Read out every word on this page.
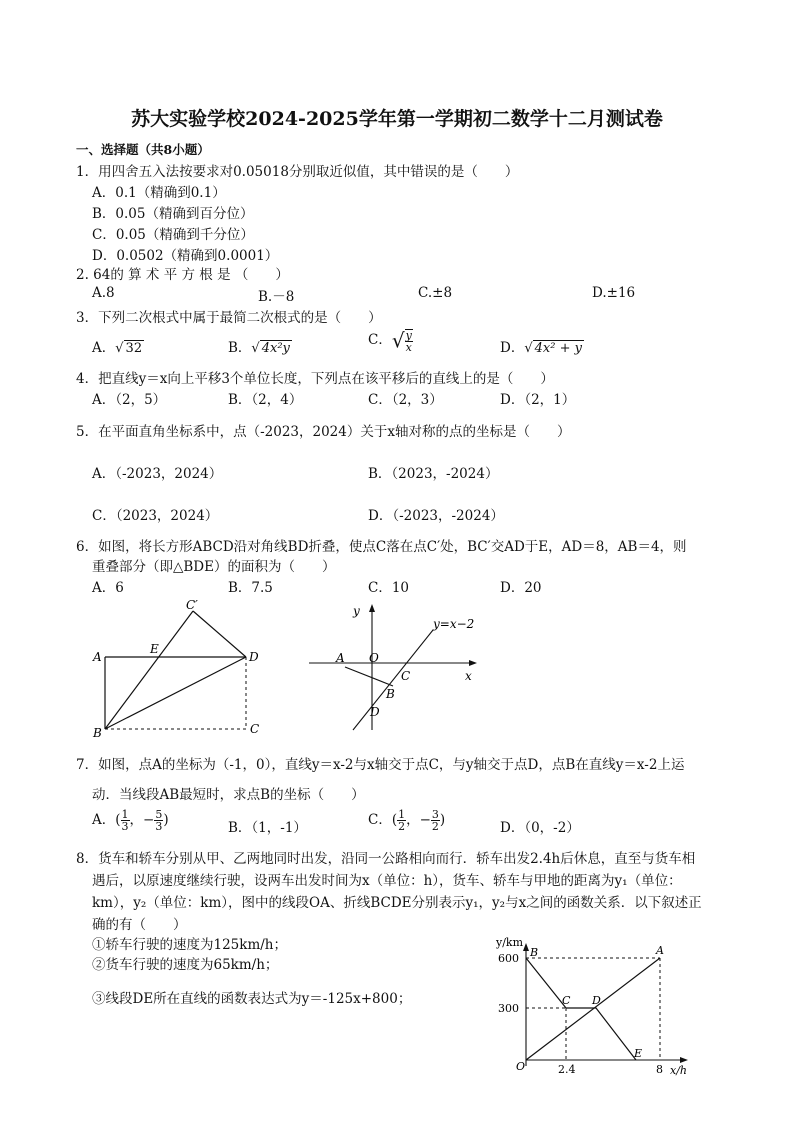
苏大实验学校2024-2025学年第一学期初二数学十二月测试卷
一、选择题（共8小题）
1．用四舍五入法按要求对0.05018分别取近似值，其中错误的是（　　）
A．0.1（精确到0.1）
B．0.05（精确到百分位）
C．0.05（精确到千分位）
D．0.0502（精确到0.0001）
2. 64的 算 术 平 方 根 是 （　　）
A.8	B.－8	C.±8	D.±16
3．下列二次根式中属于最简二次根式的是（　　）
A．√ 32	B．√ 4x²y
C．√ $\frac{y}{x}$	D．√ 4x² + y
4．把直线y＝x向上平移3个单位长度，下列点在该平移后的直线上的是（　　）
A．（2，5）	B．（2，4）	C．（2，3）	D．（2，1）
5．在平面直角坐标系中，点（-2023，2024）关于x轴对称的点的坐标是（　　）
A．（-2023，2024）	B．（2023，-2024）
C．（2023，2024）	D．（-2023，-2024）
6．如图，将长方形ABCD沿对角线BD折叠，使点C落在点C′处，BC′交AD于E，AD＝8，AB＝4，则
重叠部分（即△BDE）的面积为（　　）
A．6	B．7.5	C．10	D．20
C′
A
E
D
B	C
y
x
y=x−2
A O
C
B
D
7．如图，点A的坐标为（-1，0），直线y＝x-2与x轴交于点C，与y轴交于点D，点B在直线y＝x-2上运
动．当线段AB最短时，求点B的坐标（　　）
A．( $\frac{1}{3}$ ，− $\frac{5}{3}$ )	B．（1，-1）	C．( $\frac{1}{2}$ ，− $\frac{3}{2}$ )	D．（0，-2）
8．货车和轿车分别从甲、乙两地同时出发，沿同一公路相向而行．轿车出发2.4h后休息，直至与货车相
遇后，以原速度继续行驶，设两车出发时间为x（单位：h），货车、轿车与甲地的距离为y₁（单位：
km），y₂（单位：km），图中的线段OA、折线BCDE分别表示y₁，y₂与x之间的函数关系．以下叙述正
确的有（　　）
①轿车行驶的速度为125km/h；
②货车行驶的速度为65km/h；
③线段DE所在直线的函数表达式为y＝-125x+800；
y/km
600
300
2.4	8 x/h
O
B	A
C D
E
